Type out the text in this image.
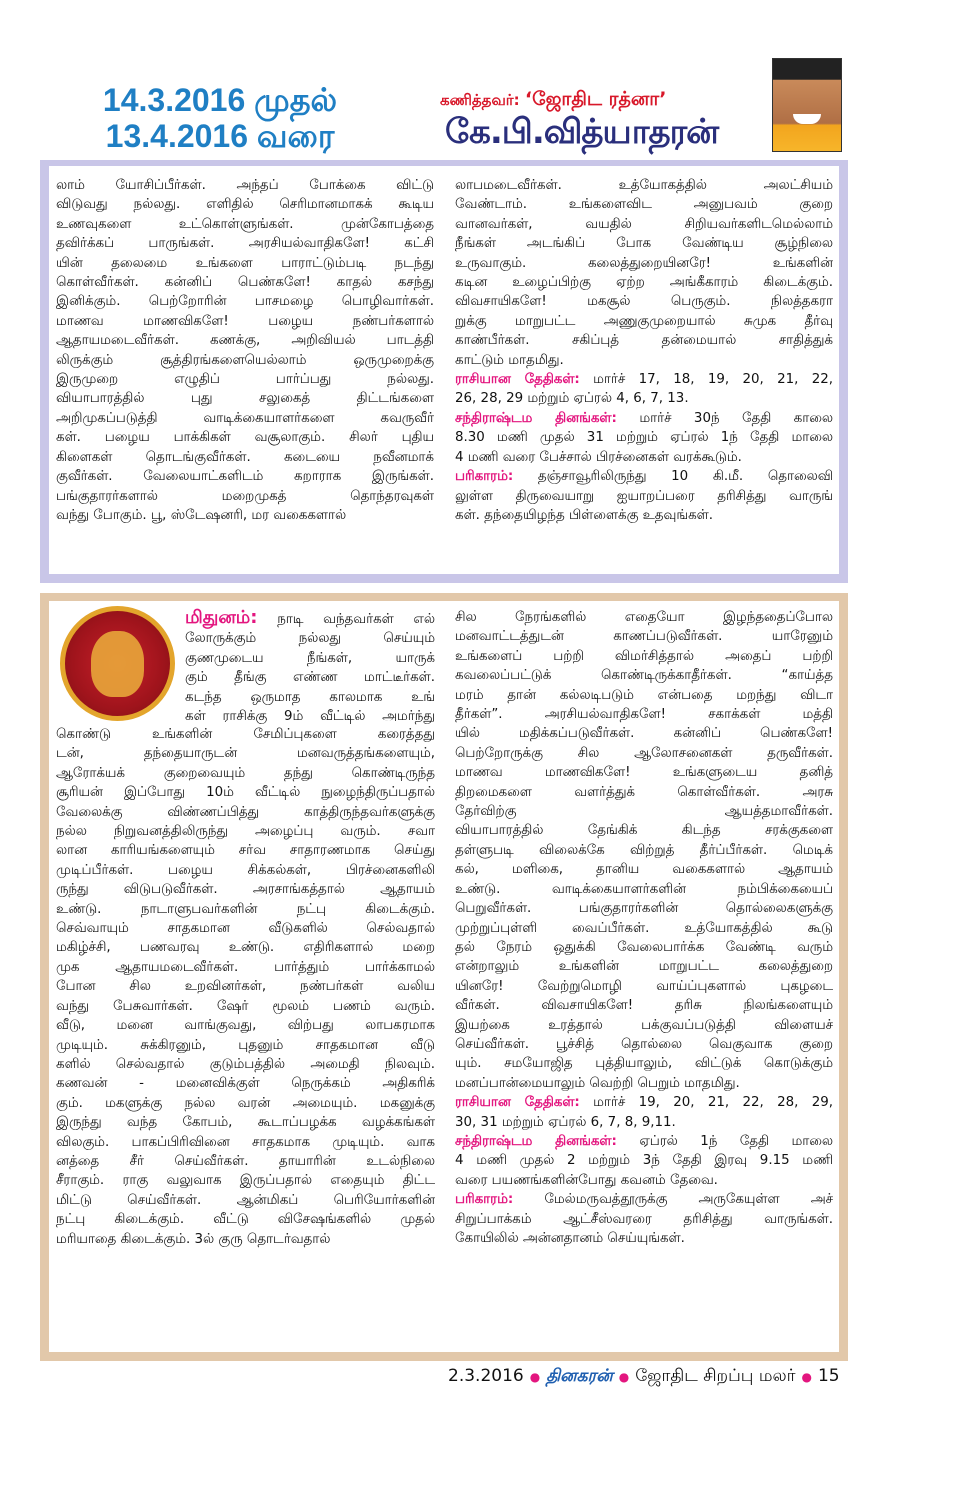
14.3.2016 முதல்
13.4.2016 வரை
கணித்தவர்: ‘ஜோதிட ரத்னா’
கே.பி.வித்யாதரன்
லாம் யோசிப்பீர்கள். அந்தப் போக்கை விட்டு
விடுவது நல்லது. எளிதில் செரிமானமாகக் கூடிய
உணவுகளை உட்கொள்ளுங்கள். முன்கோபத்தை
தவிர்க்கப் பாருங்கள். அரசியல்வாதிகளே! கட்சி
யின் தலைமை உங்களை பாராட்டும்படி நடந்து
கொள்வீர்கள். கன்னிப் பெண்களே! காதல் கசந்து
இனிக்கும். பெற்றோரின் பாசமழை பொழிவார்கள்.
மாணவ மாணவிகளே! பழைய நண்பர்களால்
ஆதாயமடைவீர்கள். கணக்கு, அறிவியல் பாடத்தி
லிருக்கும் சூத்திரங்களையெல்லாம் ஒருமுறைக்கு
இருமுறை எழுதிப் பார்ப்பது நல்லது.
வியாபாரத்தில் புது சலுகைத் திட்டங்களை
அறிமுகப்படுத்தி வாடிக்கையாளர்களை கவருவீர்
கள். பழைய பாக்கிகள் வசூலாகும். சிலர் புதிய
கிளைகள் தொடங்குவீர்கள். கடையை நவீனமாக்
குவீர்கள். வேலையாட்களிடம் கறாராக இருங்கள்.
பங்குதாரர்களால் மறைமுகத் தொந்தரவுகள்
வந்து போகும். பூ, ஸ்டேஷனரி, மர வகைகளால்
லாபமடைவீர்கள். உத்யோகத்தில் அலட்சியம்
வேண்டாம். உங்களைவிட அனுபவம் குறை
வானவர்கள், வயதில் சிறியவர்களிடமெல்லாம்
நீங்கள் அடங்கிப் போக வேண்டிய சூழ்நிலை
உருவாகும். கலைத்துறையினரே! உங்களின்
கடின உழைப்பிற்கு ஏற்ற அங்கீகாரம் கிடைக்கும்.
விவசாயிகளே! மகசூல் பெருகும். நிலத்தகரா
றுக்கு மாறுபட்ட அணுகுமுறையால் சுமுக தீர்வு
காண்பீர்கள். சகிப்புத் தன்மையால் சாதித்துக்
காட்டும் மாதமிது.
ராசியான தேதிகள்: மார்ச் 17, 18, 19, 20, 21, 22,
26, 28, 29 மற்றும் ஏப்ரல் 4, 6, 7, 13.
சந்திராஷ்டம தினங்கள்: மார்ச் 30ந் தேதி காலை
8.30 மணி முதல் 31 மற்றும் ஏப்ரல் 1ந் தேதி மாலை
4 மணி வரை பேச்சால் பிரச்னைகள் வரக்கூடும்.
பரிகாரம்: தஞ்சாவூரிலிருந்து 10 கி.மீ. தொலைவி
லுள்ள திருவையாறு ஐயாறப்பரை தரிசித்து வாருங்
கள். தந்தையிழந்த பிள்ளைக்கு உதவுங்கள்.
மிதுனம்: நாடி வந்தவர்கள் எல்
லோருக்கும் நல்லது செய்யும்
குணமுடைய நீங்கள், யாருக்
கும் தீங்கு எண்ண மாட்டீர்கள்.
கடந்த ஒருமாத காலமாக உங்
கள் ராசிக்கு 9ம் வீட்டில் அமர்ந்து
கொண்டு உங்களின் சேமிப்புகளை கரைத்தது
டன், தந்தையாருடன் மனவருத்தங்களையும்,
ஆரோக்யக் குறைவையும் தந்து கொண்டிருந்த
சூரியன் இப்போது 10ம் வீட்டில் நுழைந்திருப்பதால்
வேலைக்கு விண்ணப்பித்து காத்திருந்தவர்களுக்கு
நல்ல நிறுவனத்திலிருந்து அழைப்பு வரும். சவா
லான காரியங்களையும் சர்வ சாதாரணமாக செய்து
முடிப்பீர்கள். பழைய சிக்கல்கள், பிரச்னைகளிலி
ருந்து விடுபடுவீர்கள். அரசாங்கத்தால் ஆதாயம்
உண்டு. நாடாளுபவர்களின் நட்பு கிடைக்கும்.
செவ்வாயும் சாதகமான வீடுகளில் செல்வதால்
மகிழ்ச்சி, பணவரவு உண்டு. எதிரிகளால் மறை
முக ஆதாயமடைவீர்கள். பார்த்தும் பார்க்காமல்
போன சில உறவினர்கள், நண்பர்கள் வலிய
வந்து பேசுவார்கள். ஷேர் மூலம் பணம் வரும்.
வீடு, மனை வாங்குவது, விற்பது லாபகரமாக
முடியும். சுக்கிரனும், புதனும் சாதகமான வீடு
களில் செல்வதால் குடும்பத்தில் அமைதி நிலவும்.
கணவன் - மனைவிக்குள் நெருக்கம் அதிகரிக்
கும். மகளுக்கு நல்ல வரன் அமையும். மகனுக்கு
இருந்து வந்த கோபம், கூடாப்பழக்க வழக்கங்கள்
விலகும். பாகப்பிரிவினை சாதகமாக முடியும். வாக
னத்தை சீர் செய்வீர்கள். தாயாரின் உடல்நிலை
சீராகும். ராகு வலுவாக இருப்பதால் எதையும் திட்ட
மிட்டு செய்வீர்கள். ஆன்மிகப் பெரியோர்களின்
நட்பு கிடைக்கும். வீட்டு விசேஷங்களில் முதல்
மரியாதை கிடைக்கும். 3ல் குரு தொடர்வதால்
சில நேரங்களில் எதையோ இழந்ததைப்போல
மனவாட்டத்துடன் காணப்படுவீர்கள். யாரேனும்
உங்களைப் பற்றி விமர்சித்தால் அதைப் பற்றி
கவலைப்பட்டுக் கொண்டிருக்காதீர்கள். “காய்த்த
மரம் தான் கல்லடிபடும் என்பதை மறந்து விடா
தீர்கள்”. அரசியல்வாதிகளே! சகாக்கள் மத்தி
யில் மதிக்கப்படுவீர்கள். கன்னிப் பெண்களே!
பெற்றோருக்கு சில ஆலோசனைகள் தருவீர்கள்.
மாணவ மாணவிகளே! உங்களுடைய தனித்
திறமைகளை வளர்த்துக் கொள்வீர்கள். அரசு
தேர்விற்கு ஆயத்தமாவீர்கள்.
வியாபாரத்தில் தேங்கிக் கிடந்த சரக்குகளை
தள்ளுபடி விலைக்கே விற்றுத் தீர்ப்பீர்கள். மெடிக்
கல், மளிகை, தானிய வகைகளால் ஆதாயம்
உண்டு. வாடிக்கையாளர்களின் நம்பிக்கையைப்
பெறுவீர்கள். பங்குதாரர்களின் தொல்லைகளுக்கு
முற்றுப்புள்ளி வைப்பீர்கள். உத்யோகத்தில் கூடு
தல் நேரம் ஒதுக்கி வேலைபார்க்க வேண்டி வரும்
என்றாலும் உங்களின் மாறுபட்ட கலைத்துறை
யினரே! வேற்றுமொழி வாய்ப்புகளால் புகழடை
வீர்கள். விவசாயிகளே! தரிசு நிலங்களையும்
இயற்கை உரத்தால் பக்குவப்படுத்தி விளையச்
செய்வீர்கள். பூச்சித் தொல்லை வெகுவாக குறை
யும். சமயோஜித புத்தியாலும், விட்டுக் கொடுக்கும்
மனப்பான்மையாலும் வெற்றி பெறும் மாதமிது.
ராசியான தேதிகள்: மார்ச் 19, 20, 21, 22, 28, 29,
30, 31 மற்றும் ஏப்ரல் 6, 7, 8, 9,11.
சந்திராஷ்டம தினங்கள்: ஏப்ரல் 1ந் தேதி மாலை
4 மணி முதல் 2 மற்றும் 3ந் தேதி இரவு 9.15 மணி
வரை பயணங்களின்போது கவனம் தேவை.
பரிகாரம்: மேல்மருவத்தூருக்கு அருகேயுள்ள அச்
சிறுப்பாக்கம் ஆட்சீஸ்வரரை தரிசித்து வாருங்கள்.
கோயிலில் அன்னதானம் செய்யுங்கள்.
2.3.2016 ● தினகரன் ● ஜோதிட சிறப்பு மலர் ● 15
